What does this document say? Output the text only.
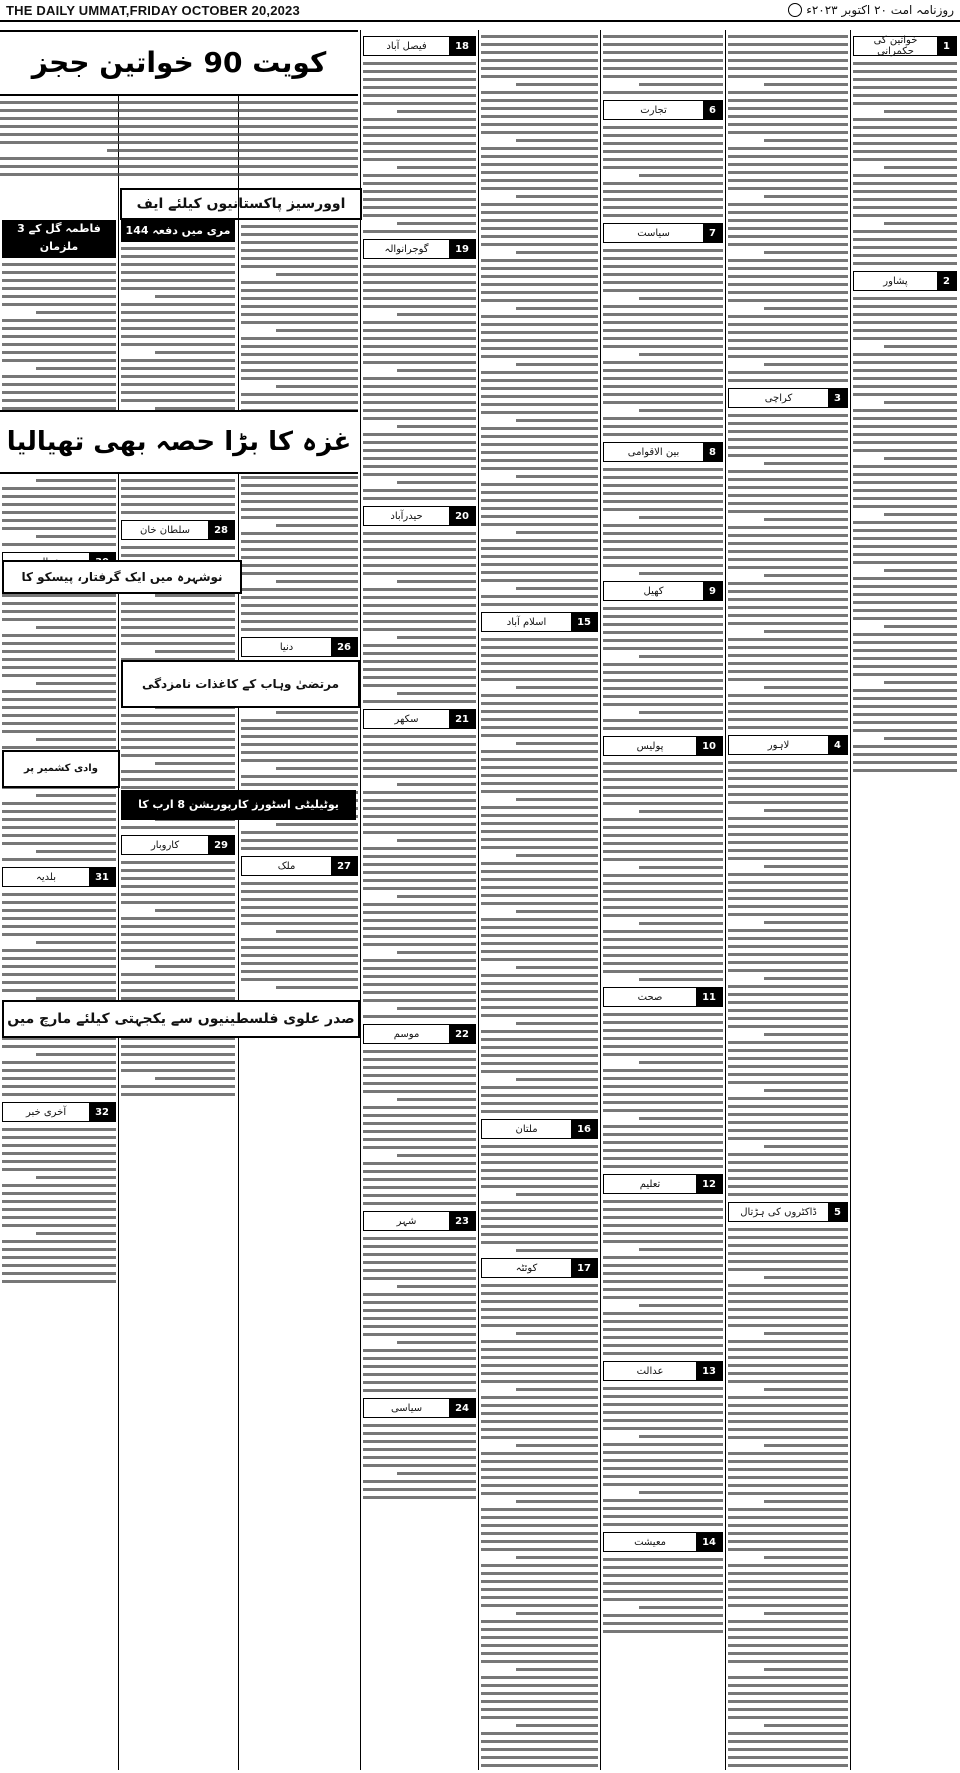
THE DAILY UMMAT,FRIDAY OCTOBER 20,2023	روزنامہ امت ۲۰ اکتوبر ۲۰۲۳ء
1
خواتین کی حکمرانی
2
پشاور
3
کراچی
4
لاہور
5
ڈاکٹروں کی ہڑتال
6
تجارت
7
سیاست
8
بین الاقوامی
9
کھیل
10
پولیس
11
صحت
12
تعلیم
13
عدالت
14
معیشت
15
اسلام آباد
16
ملتان
17
کوئٹہ
18
فیصل آباد
19
گوجرانوالہ
20
حیدرآباد
21
سکھر
22
موسم
23
شہر
24
سیاسی
کویت 90 خواتین ججز
اوورسیز پاکستانیوں کیلئے ایف
26
دنیا
27
ملک
مری میں دفعہ 144
28
سلطان خان
29
کاروبار
فاطمہ گل کے 3 ملزمان
31
بلدیہ
32
آخری خبر
غزہ کا بڑا حصہ بھی تھیالیا
مرتضیٰ وہاب کے کاغذات نامزدگی
یوٹیلیٹی اسٹورز کارپوریشن 8 ارب کا
صدر علوی فلسطینیوں سے یکجہتی کیلئے مارچ میں
نوشہرہ میں ایک گرفتار، پیسکو کا
وادی کشمیر پر
